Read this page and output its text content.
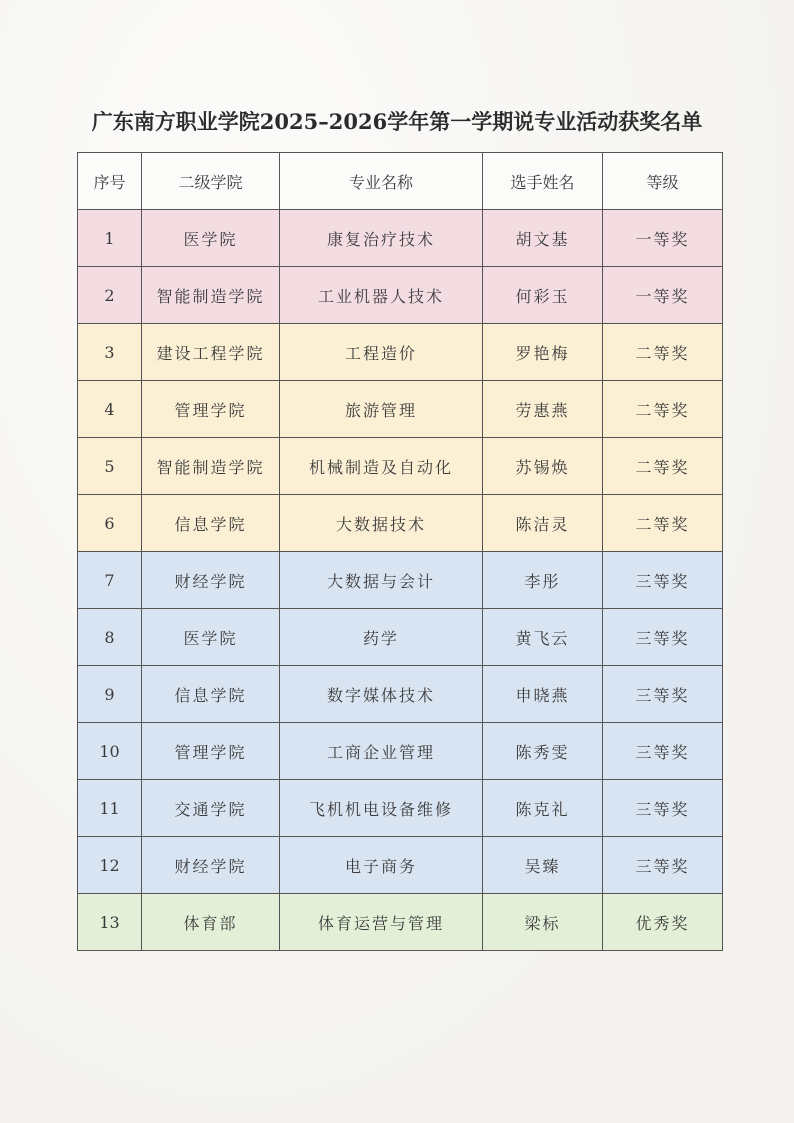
广东南方职业学院2025–2026学年第一学期说专业活动获奖名单
序号	二级学院	专业名称	选手姓名	等级
1	医学院	康复治疗技术	胡文基	一等奖
2	智能制造学院	工业机器人技术	何彩玉	一等奖
3	建设工程学院	工程造价	罗艳梅	二等奖
4	管理学院	旅游管理	劳惠燕	二等奖
5	智能制造学院	机械制造及自动化	苏锡焕	二等奖
6	信息学院	大数据技术	陈洁灵	二等奖
7	财经学院	大数据与会计	李彤	三等奖
8	医学院	药学	黄飞云	三等奖
9	信息学院	数字媒体技术	申晓燕	三等奖
10	管理学院	工商企业管理	陈秀雯	三等奖
11	交通学院	飞机机电设备维修	陈克礼	三等奖
12	财经学院	电子商务	吴臻	三等奖
13	体育部	体育运营与管理	梁标	优秀奖
